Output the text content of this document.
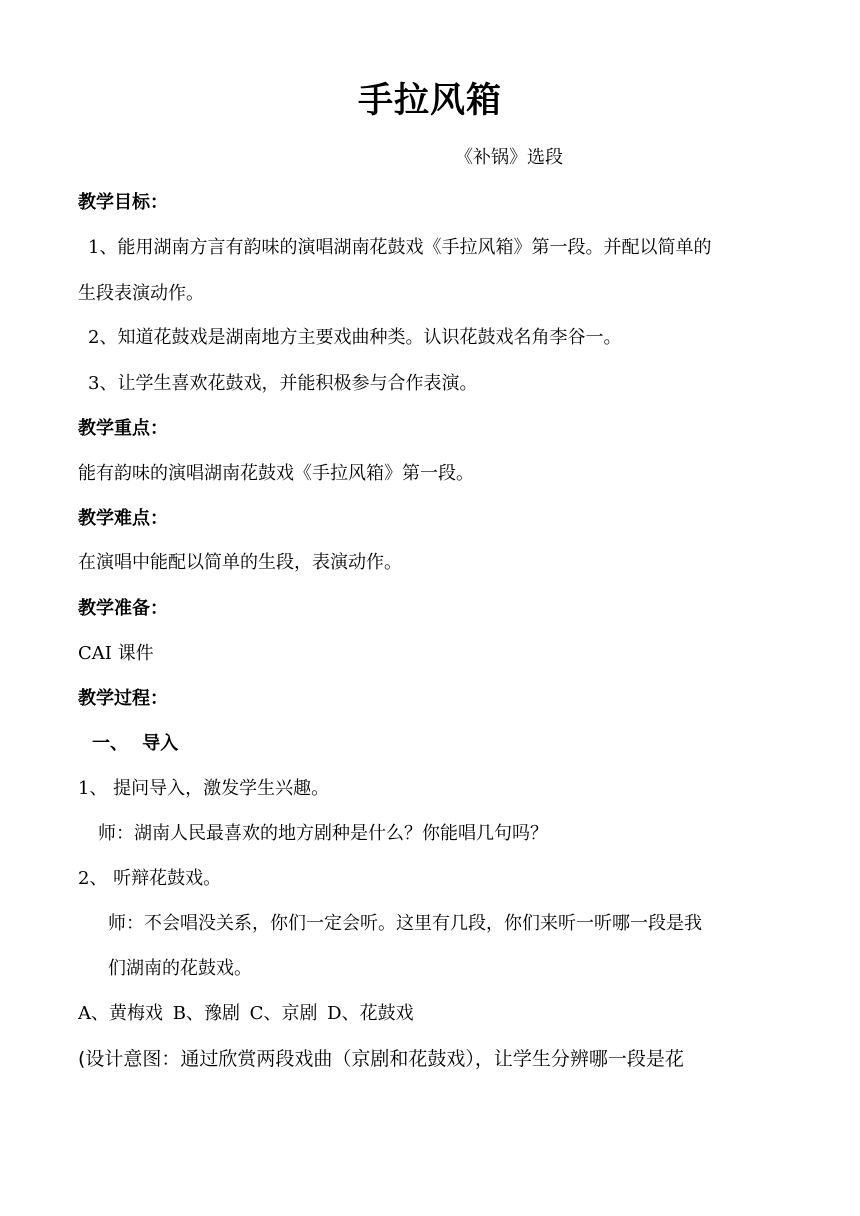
手拉风箱
《补锅》选段
教学目标：
1、能用湖南方言有韵味的演唱湖南花鼓戏《手拉风箱》第一段。并配以简单的
生段表演动作。
2、知道花鼓戏是湖南地方主要戏曲种类。认识花鼓戏名角李谷一。
3、让学生喜欢花鼓戏，并能积极参与合作表演。
教学重点：
能有韵味的演唱湖南花鼓戏《手拉风箱》第一段。
教学难点：
在演唱中能配以简单的生段，表演动作。
教学准备：
CAI 课件
教学过程：
一、 导入
1、 提问导入，激发学生兴趣。
师：湖南人民最喜欢的地方剧种是什么？你能唱几句吗？
2、 听辩花鼓戏。
师：不会唱没关系，你们一定会听。这里有几段，你们来听一听哪一段是我
们湖南的花鼓戏。
A、黄梅戏 B、豫剧 C、京剧 D、花鼓戏
(设计意图：通过欣赏两段戏曲（京剧和花鼓戏），让学生分辨哪一段是花
